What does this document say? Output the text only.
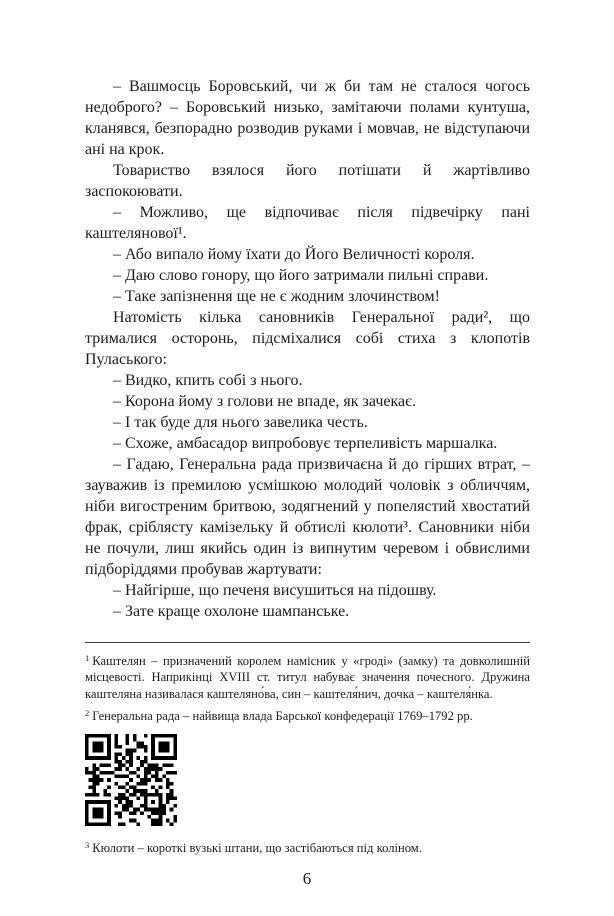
– Вашмосць Боровський, чи ж би там не сталося чогось недоброго? – Боровський низько, замітаючи полами кунтуша, кланявся, безпорадно розводив руками і мовчав, не відступаючи ані на крок.

Товариство взялося його потішати й жартівливо заспокоювати.

– Можливо, ще відпочиває після підвечірку пані каштелянової¹.

– Або випало йому їхати до Його Величності короля.

– Даю слово гонору, що його затримали пильні справи.

– Таке запізнення ще не є жодним злочинством!

Натомість кілька сановників Генеральної ради², що трималися осторонь, підсміхалися собі стиха з клопотів Пуласького:

– Видко, кпить собі з нього.

– Корона йому з голови не впаде, як зачекає.

– І так буде для нього завелика честь.

– Схоже, амбасадор випробовує терпеливість маршалка.

– Гадаю, Генеральна рада призвичаєна й до гірших втрат, – зауважив із премилою усмішкою молодий чоловік з обличчям, ніби вигостреним бритвою, зодягнений у попелястий хвостатий фрак, сріблясту камізельку й обтислі кюлоти³. Сановники ніби не почули, лиш якийсь один із випнутим черевом і обвислими підборіддями пробував жартувати:

– Найгірше, що печеня висушиться на підошву.

– Зате краще охолоне шампанське.

$^1$ Каштелян – призначений королем намісник у «гроді» (замку) та довколишній місцевості. Наприкінці XVIII ст. титул набуває значення почесного. Дружина каштеляна називалася каштеляно́ва, син – каштеля́нич, дочка – каштеля́нка.

$^2$ Генеральна рада – найвища влада Барської конфедерації 1769–1792 рр.

$^3$ Кюлоти – короткі вузькі штани, що застібаються під коліном.

6
